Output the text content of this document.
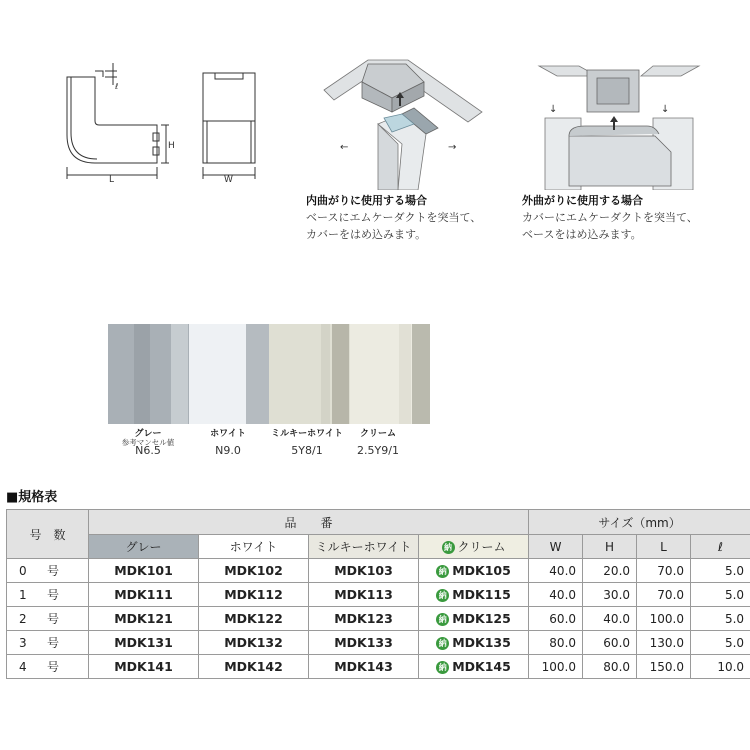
L
H
ℓ
W
←	→
↓	↓
内曲がりに使用する場合
ベースにエムケーダクトを突当て、
カバーをはめ込みます。
外曲がりに使用する場合
カバーにエムケーダクトを突当て、
ベースをはめ込みます。
グレー
参考マンセル値
N6.5
ホワイト
N9.0
ミルキーホワイト
5Y8/1
クリーム
2.5Y9/1
■規格表
号　数	品　　番				サイズ（mm）			
	グレー	ホワイト	ミルキーホワイト	納 クリーム	W	H	L	ℓ
0 号	MDK101	MDK102	MDK103	納 MDK105	40.0	20.0	70.0	5.0
1 号	MDK111	MDK112	MDK113	納 MDK115	40.0	30.0	70.0	5.0
2 号	MDK121	MDK122	MDK123	納 MDK125	60.0	40.0	100.0	5.0
3 号	MDK131	MDK132	MDK133	納 MDK135	80.0	60.0	130.0	5.0
4 号	MDK141	MDK142	MDK143	納 MDK145	100.0	80.0	150.0	10.0
